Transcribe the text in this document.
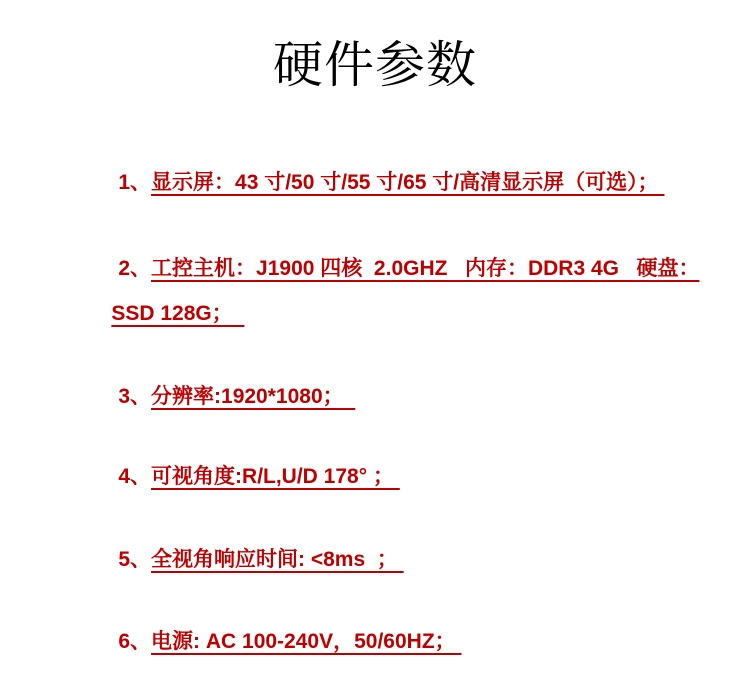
硬件参数

1、显示屏：43 寸/50 寸/55 寸/65 寸/高清显示屏（可选）；

2、工控主机：J1900 四核  2.0GHZ   内存：DDR3 4G   硬盘：

SSD 128G；

3、分辨率:1920*1080；

4、可视角度:R/L,U/D 178° ；

5、全视角响应时间: <8ms  ；

6、电源: AC 100-240V，50/60HZ；
